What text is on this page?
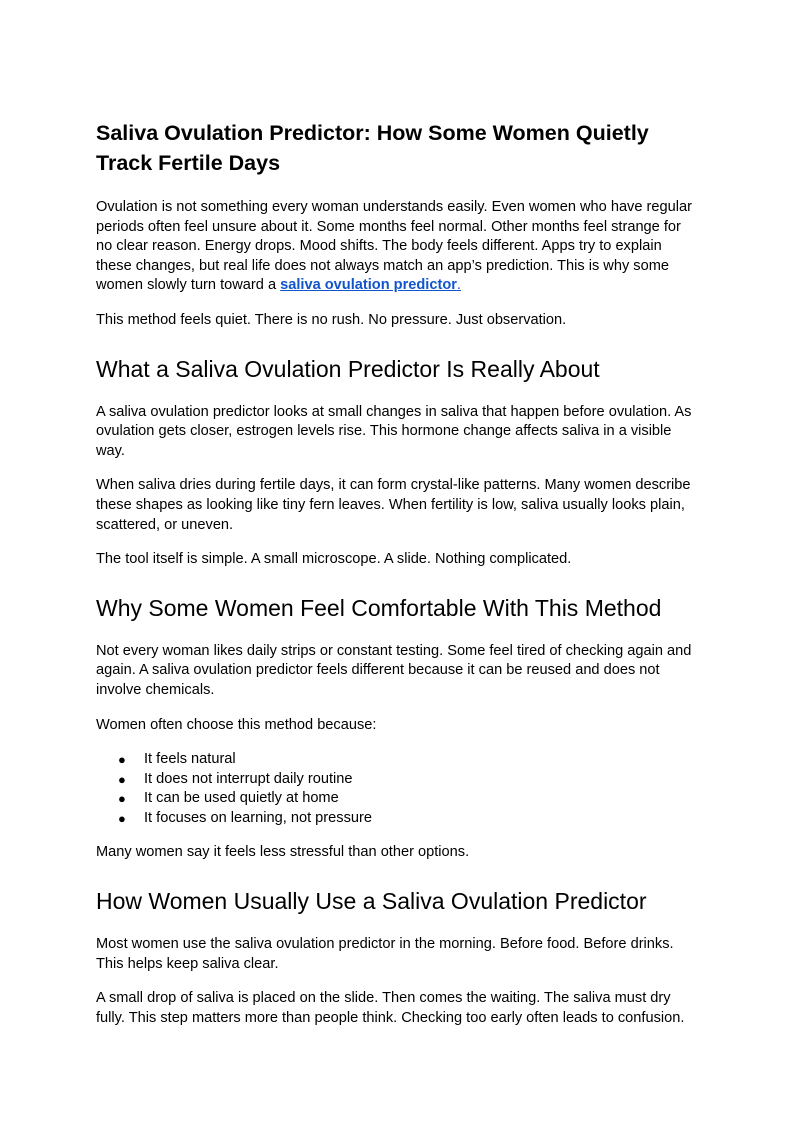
Saliva Ovulation Predictor: How Some Women Quietly Track Fertile Days

Ovulation is not something every woman understands easily. Even women who have regular periods often feel unsure about it. Some months feel normal. Other months feel strange for no clear reason. Energy drops. Mood shifts. The body feels different. Apps try to explain these changes, but real life does not always match an app’s prediction. This is why some women slowly turn toward a saliva ovulation predictor.

This method feels quiet. There is no rush. No pressure. Just observation.

What a Saliva Ovulation Predictor Is Really About

A saliva ovulation predictor looks at small changes in saliva that happen before ovulation. As ovulation gets closer, estrogen levels rise. This hormone change affects saliva in a visible way.

When saliva dries during fertile days, it can form crystal-like patterns. Many women describe these shapes as looking like tiny fern leaves. When fertility is low, saliva usually looks plain, scattered, or uneven.

The tool itself is simple. A small microscope. A slide. Nothing complicated.

Why Some Women Feel Comfortable With This Method

Not every woman likes daily strips or constant testing. Some feel tired of checking again and again. A saliva ovulation predictor feels different because it can be reused and does not involve chemicals.

Women often choose this method because:

● It feels natural
● It does not interrupt daily routine
● It can be used quietly at home
● It focuses on learning, not pressure

Many women say it feels less stressful than other options.

How Women Usually Use a Saliva Ovulation Predictor

Most women use the saliva ovulation predictor in the morning. Before food. Before drinks. This helps keep saliva clear.

A small drop of saliva is placed on the slide. Then comes the waiting. The saliva must dry fully. This step matters more than people think. Checking too early often leads to confusion.
